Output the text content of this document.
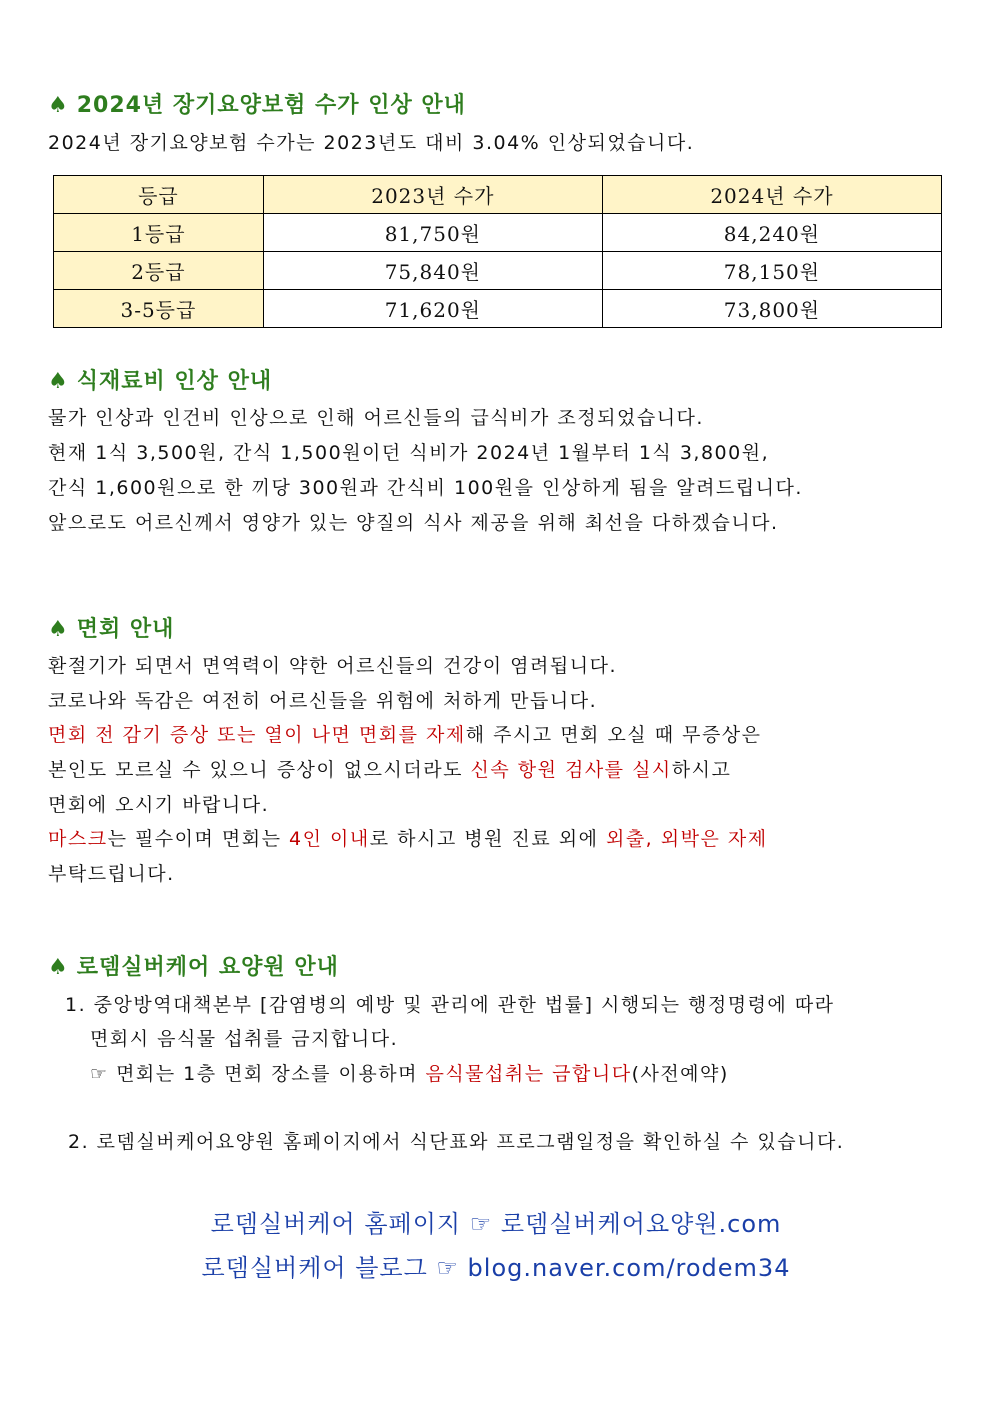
♠ 2024년 장기요양보험 수가 인상 안내
2024년 장기요양보험 수가는 2023년도 대비 3.04% 인상되었습니다.
등급	2023년 수가	2024년 수가
1등급	81,750원	84,240원
2등급	75,840원	78,150원
3-5등급	71,620원	73,800원
♠ 식재료비 인상 안내
물가 인상과 인건비 인상으로 인해 어르신들의 급식비가 조정되었습니다.
현재 1식 3,500원, 간식 1,500원이던 식비가 2024년 1월부터 1식 3,800원,
간식 1,600원으로 한 끼당 300원과 간식비 100원을 인상하게 됨을 알려드립니다.
앞으로도 어르신께서 영양가 있는 양질의 식사 제공을 위해 최선을 다하겠습니다.
♠ 면회 안내
환절기가 되면서 면역력이 약한 어르신들의 건강이 염려됩니다.
코로나와 독감은 여전히 어르신들을 위험에 처하게 만듭니다.
면회 전 감기 증상 또는 열이 나면 면회를 자제해 주시고 면회 오실 때 무증상은
본인도 모르실 수 있으니 증상이 없으시더라도 신속 항원 검사를 실시하시고
면회에 오시기 바랍니다.
마스크는 필수이며 면회는 4인 이내로 하시고 병원 진료 외에 외출, 외박은 자제
부탁드립니다.
♠ 로뎀실버케어 요양원 안내
1. 중앙방역대책본부 [감염병의 예방 및 관리에 관한 법률] 시행되는 행정명령에 따라
면회시 음식물 섭취를 금지합니다.
☞ 면회는 1층 면회 장소를 이용하며 음식물섭취는 금합니다(사전예약)
2. 로뎀실버케어요양원 홈페이지에서 식단표와 프로그램일정을 확인하실 수 있습니다.
로뎀실버케어 홈페이지 ☞ 로뎀실버케어요양원.com
로뎀실버케어 블로그 ☞ blog.naver.com/rodem34
